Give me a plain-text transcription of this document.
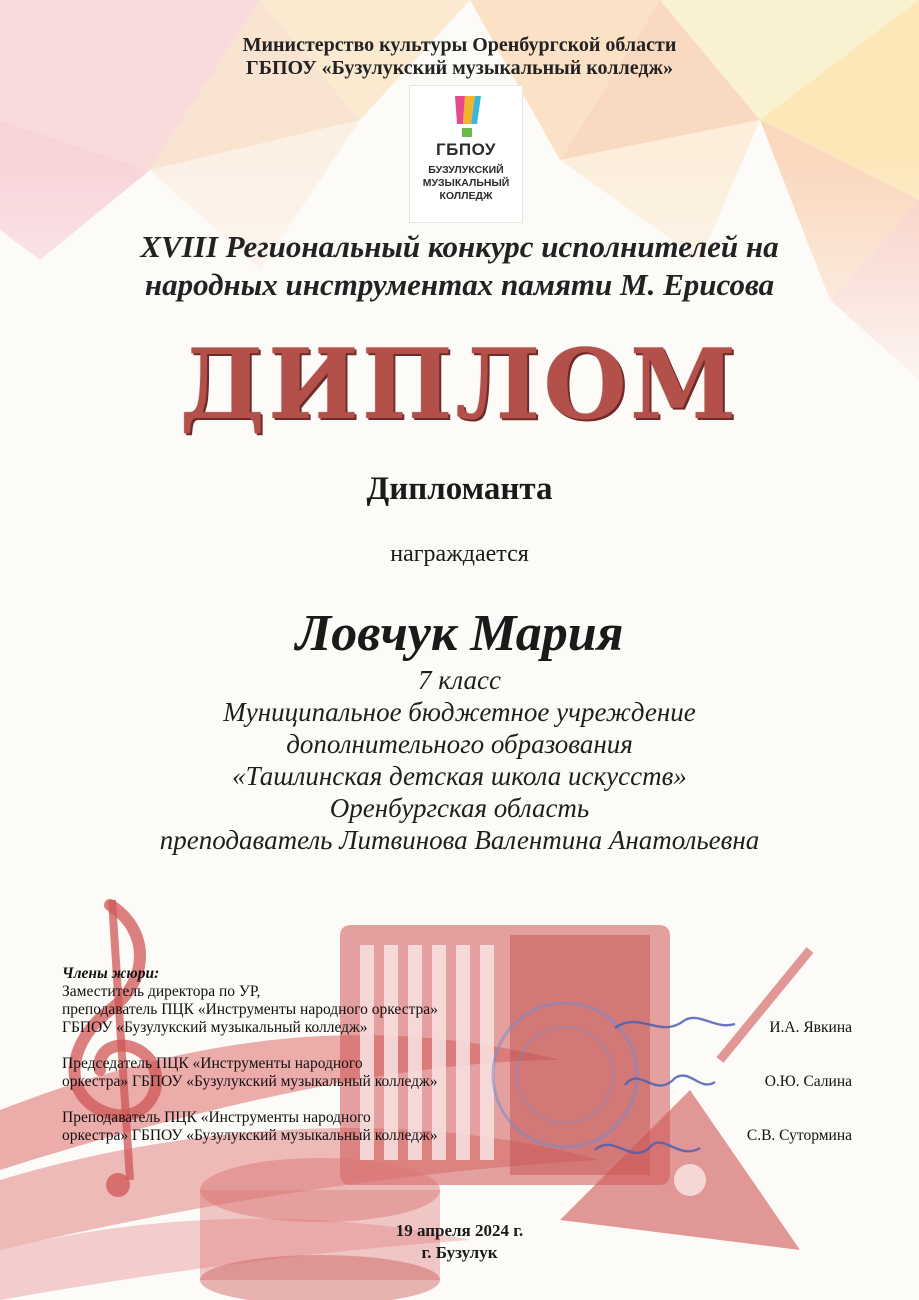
Министерство культуры Оренбургской области
ГБПОУ «Бузулукский музыкальный колледж»
ГБПОУ
БУЗУЛУКСКИЙ
МУЗЫКАЛЬНЫЙ
КОЛЛЕДЖ
XVIII Региональный конкурс исполнителей на
народных инструментах памяти М. Ерисова
ДИПЛОМ
Дипломанта
награждается
Ловчук Мария
7 класс
Муниципальное бюджетное учреждение
дополнительного образования
«Ташлинская детская школа искусств»
Оренбургская область
преподаватель Литвинова Валентина Анатольевна
Члены жюри:
Заместитель директора по УР,
преподаватель ПЦК «Инструменты народного оркестра»
ГБПОУ «Бузулукский музыкальный колледж»	И.А. Явкина
Председатель ПЦК «Инструменты народного
оркестра» ГБПОУ «Бузулукский музыкальный колледж»	О.Ю. Салина
Преподаватель ПЦК «Инструменты народного
оркестра» ГБПОУ «Бузулукский музыкальный колледж»	С.В. Сутормина
19 апреля 2024 г.
г. Бузулук
